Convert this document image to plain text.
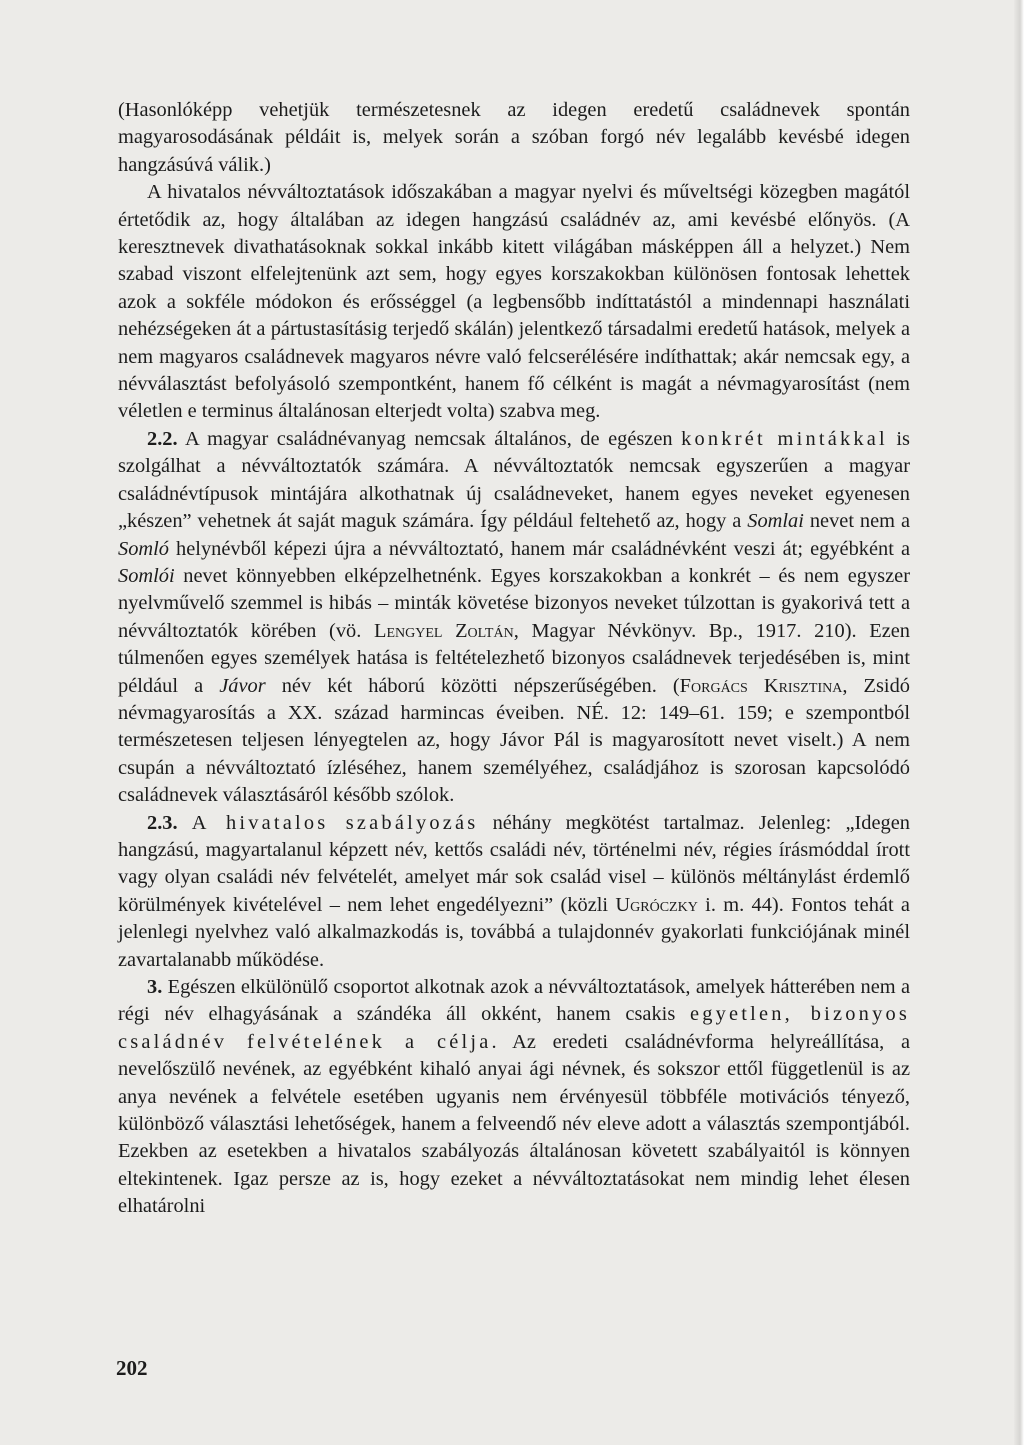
(Hasonlóképp vehetjük természetesnek az idegen eredetű családnevek spontán magyarosodásának példáit is, melyek során a szóban forgó név legalább kevésbé idegen hangzásúvá válik.)

A hivatalos névváltoztatások időszakában a magyar nyelvi és műveltségi közegben magától értetődik az, hogy általában az idegen hangzású családnév az, ami kevésbé előnyös. (A keresztnevek divathatásoknak sokkal inkább kitett világában másképpen áll a helyzet.) Nem szabad viszont elfelejtenünk azt sem, hogy egyes korszakokban különösen fontosak lehettek azok a sokféle módokon és erősséggel (a legbensőbb indíttatástól a mindennapi használati nehézségeken át a pártustasításig terjedő skálán) jelentkező társadalmi eredetű hatások, melyek a nem magyaros családnevek magyaros névre való felcserélésére indíthattak; akár nemcsak egy, a névválasztást befolyásoló szempontként, hanem fő célként is magát a névmagyarosítást (nem véletlen e terminus általánosan elterjedt volta) szabva meg.

2.2. A magyar családnévanyag nemcsak általános, de egészen konkrét mintákkal is szolgálhat a névváltoztatók számára. A névváltoztatók nemcsak egyszerűen a magyar családnévtípusok mintájára alkothatnak új családneveket, hanem egyes neveket egyenesen „készen” vehetnek át saját maguk számára. Így például feltehető az, hogy a Somlai nevet nem a Somló helynévből képezi újra a névváltoztató, hanem már családnévként veszi át; egyébként a Somlói nevet könnyebben elképzelhetnénk. Egyes korszakokban a konkrét – és nem egyszer nyelvművelő szemmel is hibás – minták követése bizonyos neveket túlzottan is gyakorivá tett a névváltoztatók körében (vö. Lengyel Zoltán, Magyar Névkönyv. Bp., 1917. 210). Ezen túlmenően egyes személyek hatása is feltételezhető bizonyos családnevek terjedésében is, mint például a Jávor név két háború közötti népszerűségében. (Forgács Krisztina, Zsidó névmagyarosítás a XX. század harmincas éveiben. NÉ. 12: 149–61. 159; e szempontból természetesen teljesen lényegtelen az, hogy Jávor Pál is magyarosított nevet viselt.) A nem csupán a névváltoztató ízléséhez, hanem személyéhez, családjához is szorosan kapcsolódó családnevek választásáról később szólok.

2.3. A hivatalos szabályozás néhány megkötést tartalmaz. Jelenleg: „Idegen hangzású, magyartalanul képzett név, kettős családi név, történelmi név, régies írásmóddal írott vagy olyan családi név felvételét, amelyet már sok család visel – különös méltánylást érdemlő körülmények kivételével – nem lehet engedélyezni” (közli Ugróczky i. m. 44). Fontos tehát a jelenlegi nyelvhez való alkalmazkodás is, továbbá a tulajdonnév gyakorlati funkciójának minél zavartalanabb működése.

3. Egészen elkülönülő csoportot alkotnak azok a névváltoztatások, amelyek hátterében nem a régi név elhagyásának a szándéka áll okként, hanem csakis egyetlen, bizonyos családnév felvételének a célja. Az eredeti családnévforma helyreállítása, a nevelőszülő nevének, az egyébként kihaló anyai ági névnek, és sokszor ettől függetlenül is az anya nevének a felvétele esetében ugyanis nem érvényesül többféle motivációs tényező, különböző választási lehetőségek, hanem a felveendő név eleve adott a választás szempontjából. Ezekben az esetekben a hivatalos szabályozás általánosan követett szabályaitól is könnyen eltekintenek. Igaz persze az is, hogy ezeket a névváltoztatásokat nem mindig lehet élesen elhatárolni

202
